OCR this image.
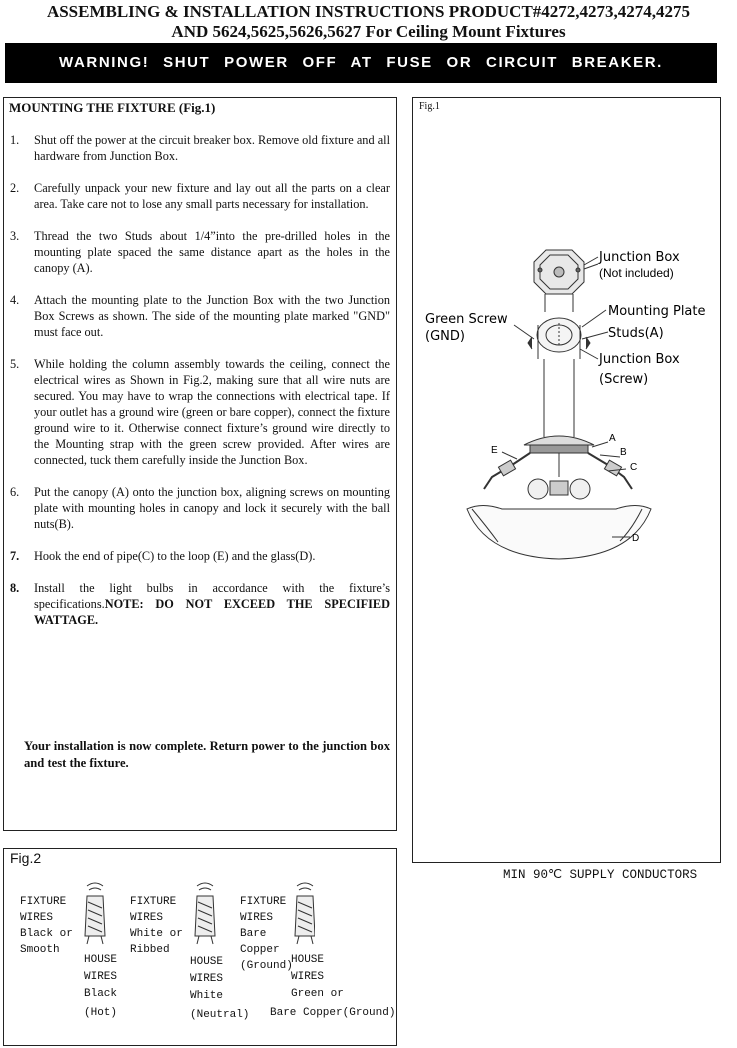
ASSEMBLING & INSTALLATION INSTRUCTIONS PRODUCT#4272,4273,4274,4275
AND 5624,5625,5626,5627 For Ceiling Mount Fixtures
WARNING! SHUT POWER OFF AT FUSE OR CIRCUIT BREAKER.
MOUNTING THE FIXTURE (Fig.1)
1.	Shut off the power at the circuit breaker box. Remove old fixture and all hardware from Junction Box.
2.	Carefully unpack your new fixture and lay out all the parts on a clear area. Take care not to lose any small parts necessary for installation.
3.	Thread the two Studs about 1/4”into the pre-drilled holes in the mounting plate spaced the same distance apart as the holes in the canopy (A).
4.	Attach the mounting plate to the Junction Box with the two Junction Box Screws as shown. The side of the mounting plate marked "GND" must face out.
5.	While holding the column assembly towards the ceiling, connect the electrical wires as Shown in Fig.2, making sure that all wire nuts are secured. You may have to wrap the connections with electrical tape. If your outlet has a ground wire (green or bare copper), connect the fixture ground wire to it. Otherwise connect fixture’s ground wire directly to the Mounting strap with the green screw provided. After wires are connected, tuck them carefully inside the Junction Box.
6.	Put the canopy (A) onto the junction box, aligning screws on mounting plate with mounting holes in canopy and lock it securely with the ball nuts(B).
7.	Hook the end of pipe(C) to the loop (E) and the glass(D).
8.	Install the light bulbs in accordance with the fixture’s specifications.NOTE: DO NOT EXCEED THE SPECIFIED WATTAGE.
Your installation is now complete. Return power to the junction box and test the fixture.
Fig.1
Junction Box
(Not included)
Green Screw
(GND)
Mounting Plate
Studs(A)
Junction Box
(Screw)
A
B
C
E
D
MIN 90℃ SUPPLY CONDUCTORS
Fig.2
FIXTURE
WIRES
Black or
Smooth
HOUSE
WIRES
Black
(Hot)
FIXTURE
WIRES
White or
Ribbed
HOUSE
WIRES
White
(Neutral)
FIXTURE
WIRES
Bare
Copper
(Ground)
HOUSE
WIRES
Green or
Bare Copper(Ground)
